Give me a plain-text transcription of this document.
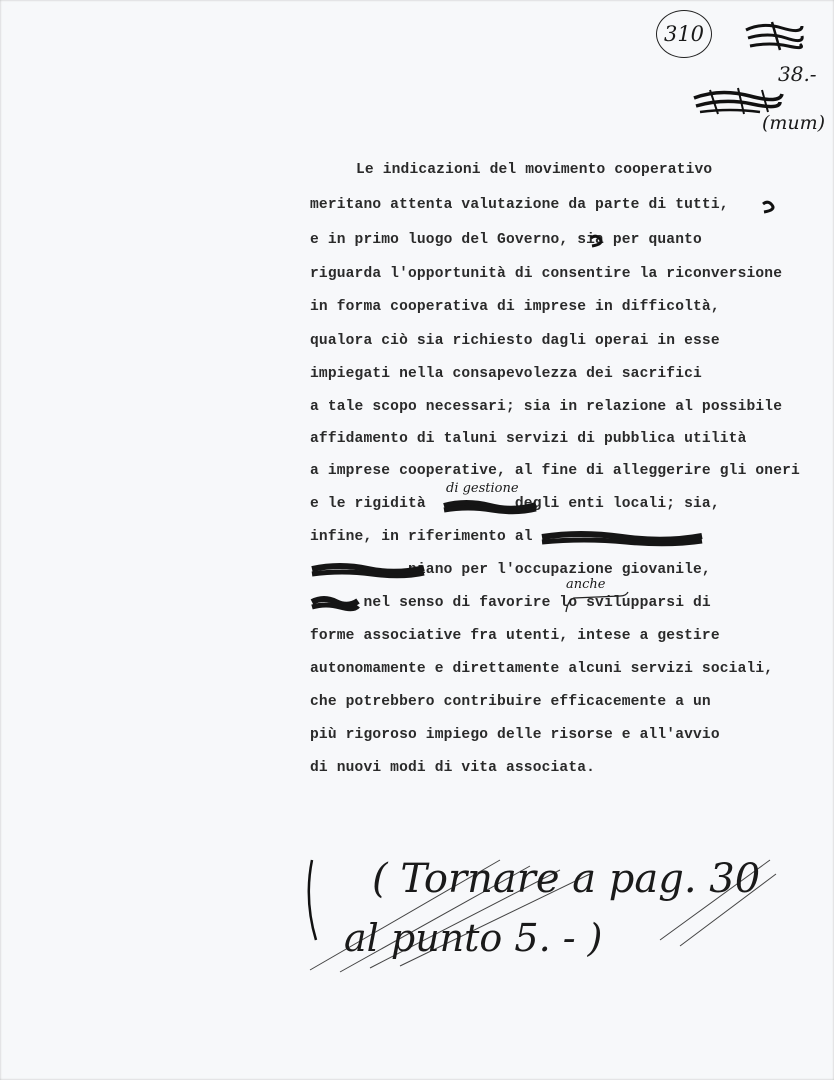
310
38.-
(mum)
Le indicazioni del movimento cooperativo
meritano attenta valutazione da parte di tutti,
e in primo luogo del Governo, sia per quanto
riguarda l'opportunità di consentire la riconversione
in forma cooperativa di imprese in difficoltà,
qualora ciò sia richiesto dagli operai in esse
impiegati nella consapevolezza dei sacrifici
a tale scopo necessari; sia in relazione al possibile
affidamento di taluni servizi di pubblica utilità
a imprese cooperative, al fine di alleggerire gli oneri
e le rigidità          degli enti locali; sia,
infine, in riferimento al
piano per l'occupazione giovanile,
nel senso di favorire lo svilupparsi di
forme associative fra utenti, intese a gestire
autonomamente e direttamente alcuni servizi sociali,
che potrebbero contribuire efficacemente a un
più rigoroso impiego delle risorse e all'avvio
di nuovi modi di vita associata.
di gestione
anche
( Tornare a pag. 30
al punto 5. - )
